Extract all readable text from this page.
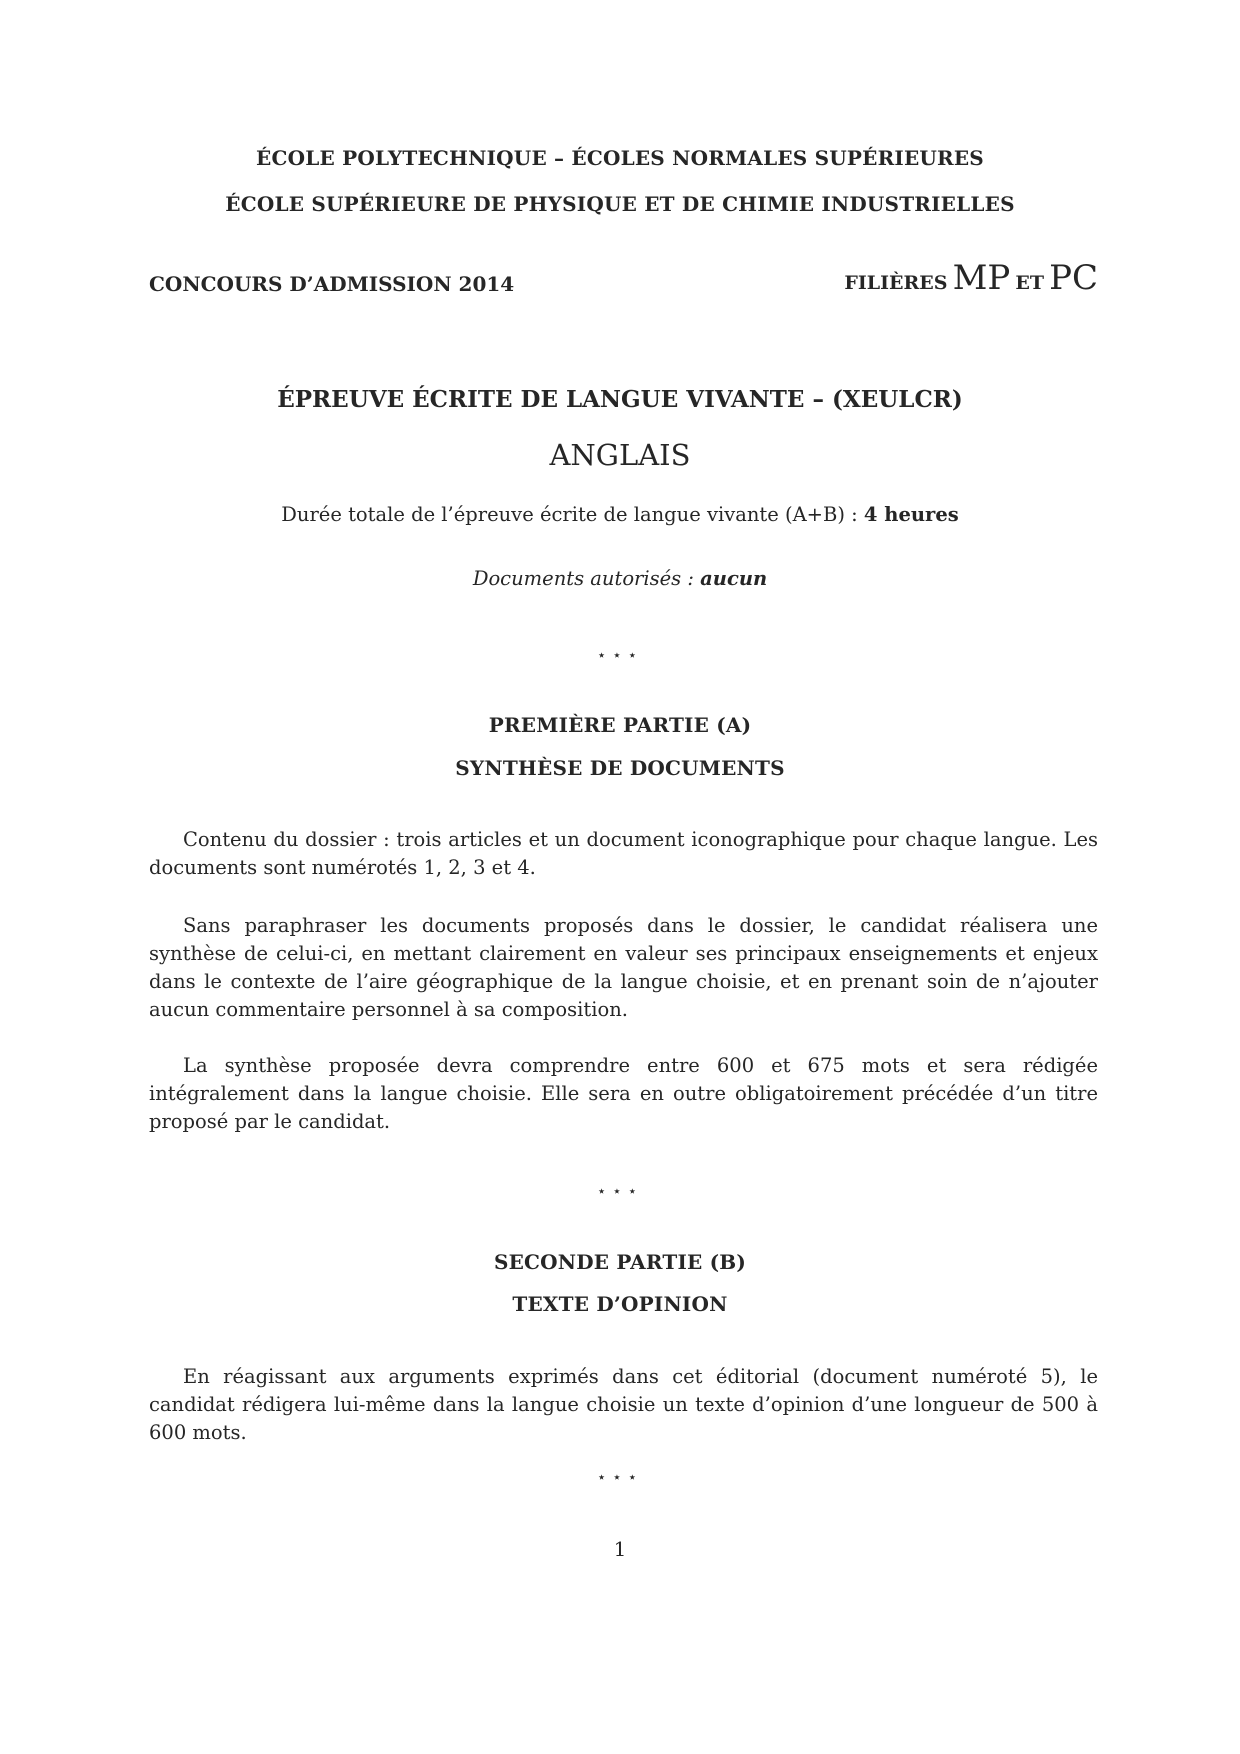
ÉCOLE POLYTECHNIQUE – ÉCOLES NORMALES SUPÉRIEURES

ÉCOLE SUPÉRIEURE DE PHYSIQUE ET DE CHIMIE INDUSTRIELLES

CONCOURS D’ADMISSION 2014	FILIÈRES MP ET PC

ÉPREUVE ÉCRITE DE LANGUE VIVANTE – (XEULCR)

ANGLAIS

Durée totale de l’épreuve écrite de langue vivante (A+B) : 4 heures

Documents autorisés : aucun

⋆⋆⋆

PREMIÈRE PARTIE (A)

SYNTHÈSE DE DOCUMENTS

Contenu du dossier : trois articles et un document iconographique pour chaque langue. Les documents sont numérotés 1, 2, 3 et 4.

Sans paraphraser les documents proposés dans le dossier, le candidat réalisera une synthèse de celui-ci, en mettant clairement en valeur ses principaux enseignements et enjeux dans le contexte de l’aire géographique de la langue choisie, et en prenant soin de n’ajouter aucun commentaire personnel à sa composition.

La synthèse proposée devra comprendre entre 600 et 675 mots et sera rédigée intégralement dans la langue choisie. Elle sera en outre obligatoirement précédée d’un titre proposé par le candidat.

⋆⋆⋆

SECONDE PARTIE (B)

TEXTE D’OPINION

En réagissant aux arguments exprimés dans cet éditorial (document numéroté 5), le candidat rédigera lui-même dans la langue choisie un texte d’opinion d’une longueur de 500 à 600 mots.

⋆⋆⋆

1
